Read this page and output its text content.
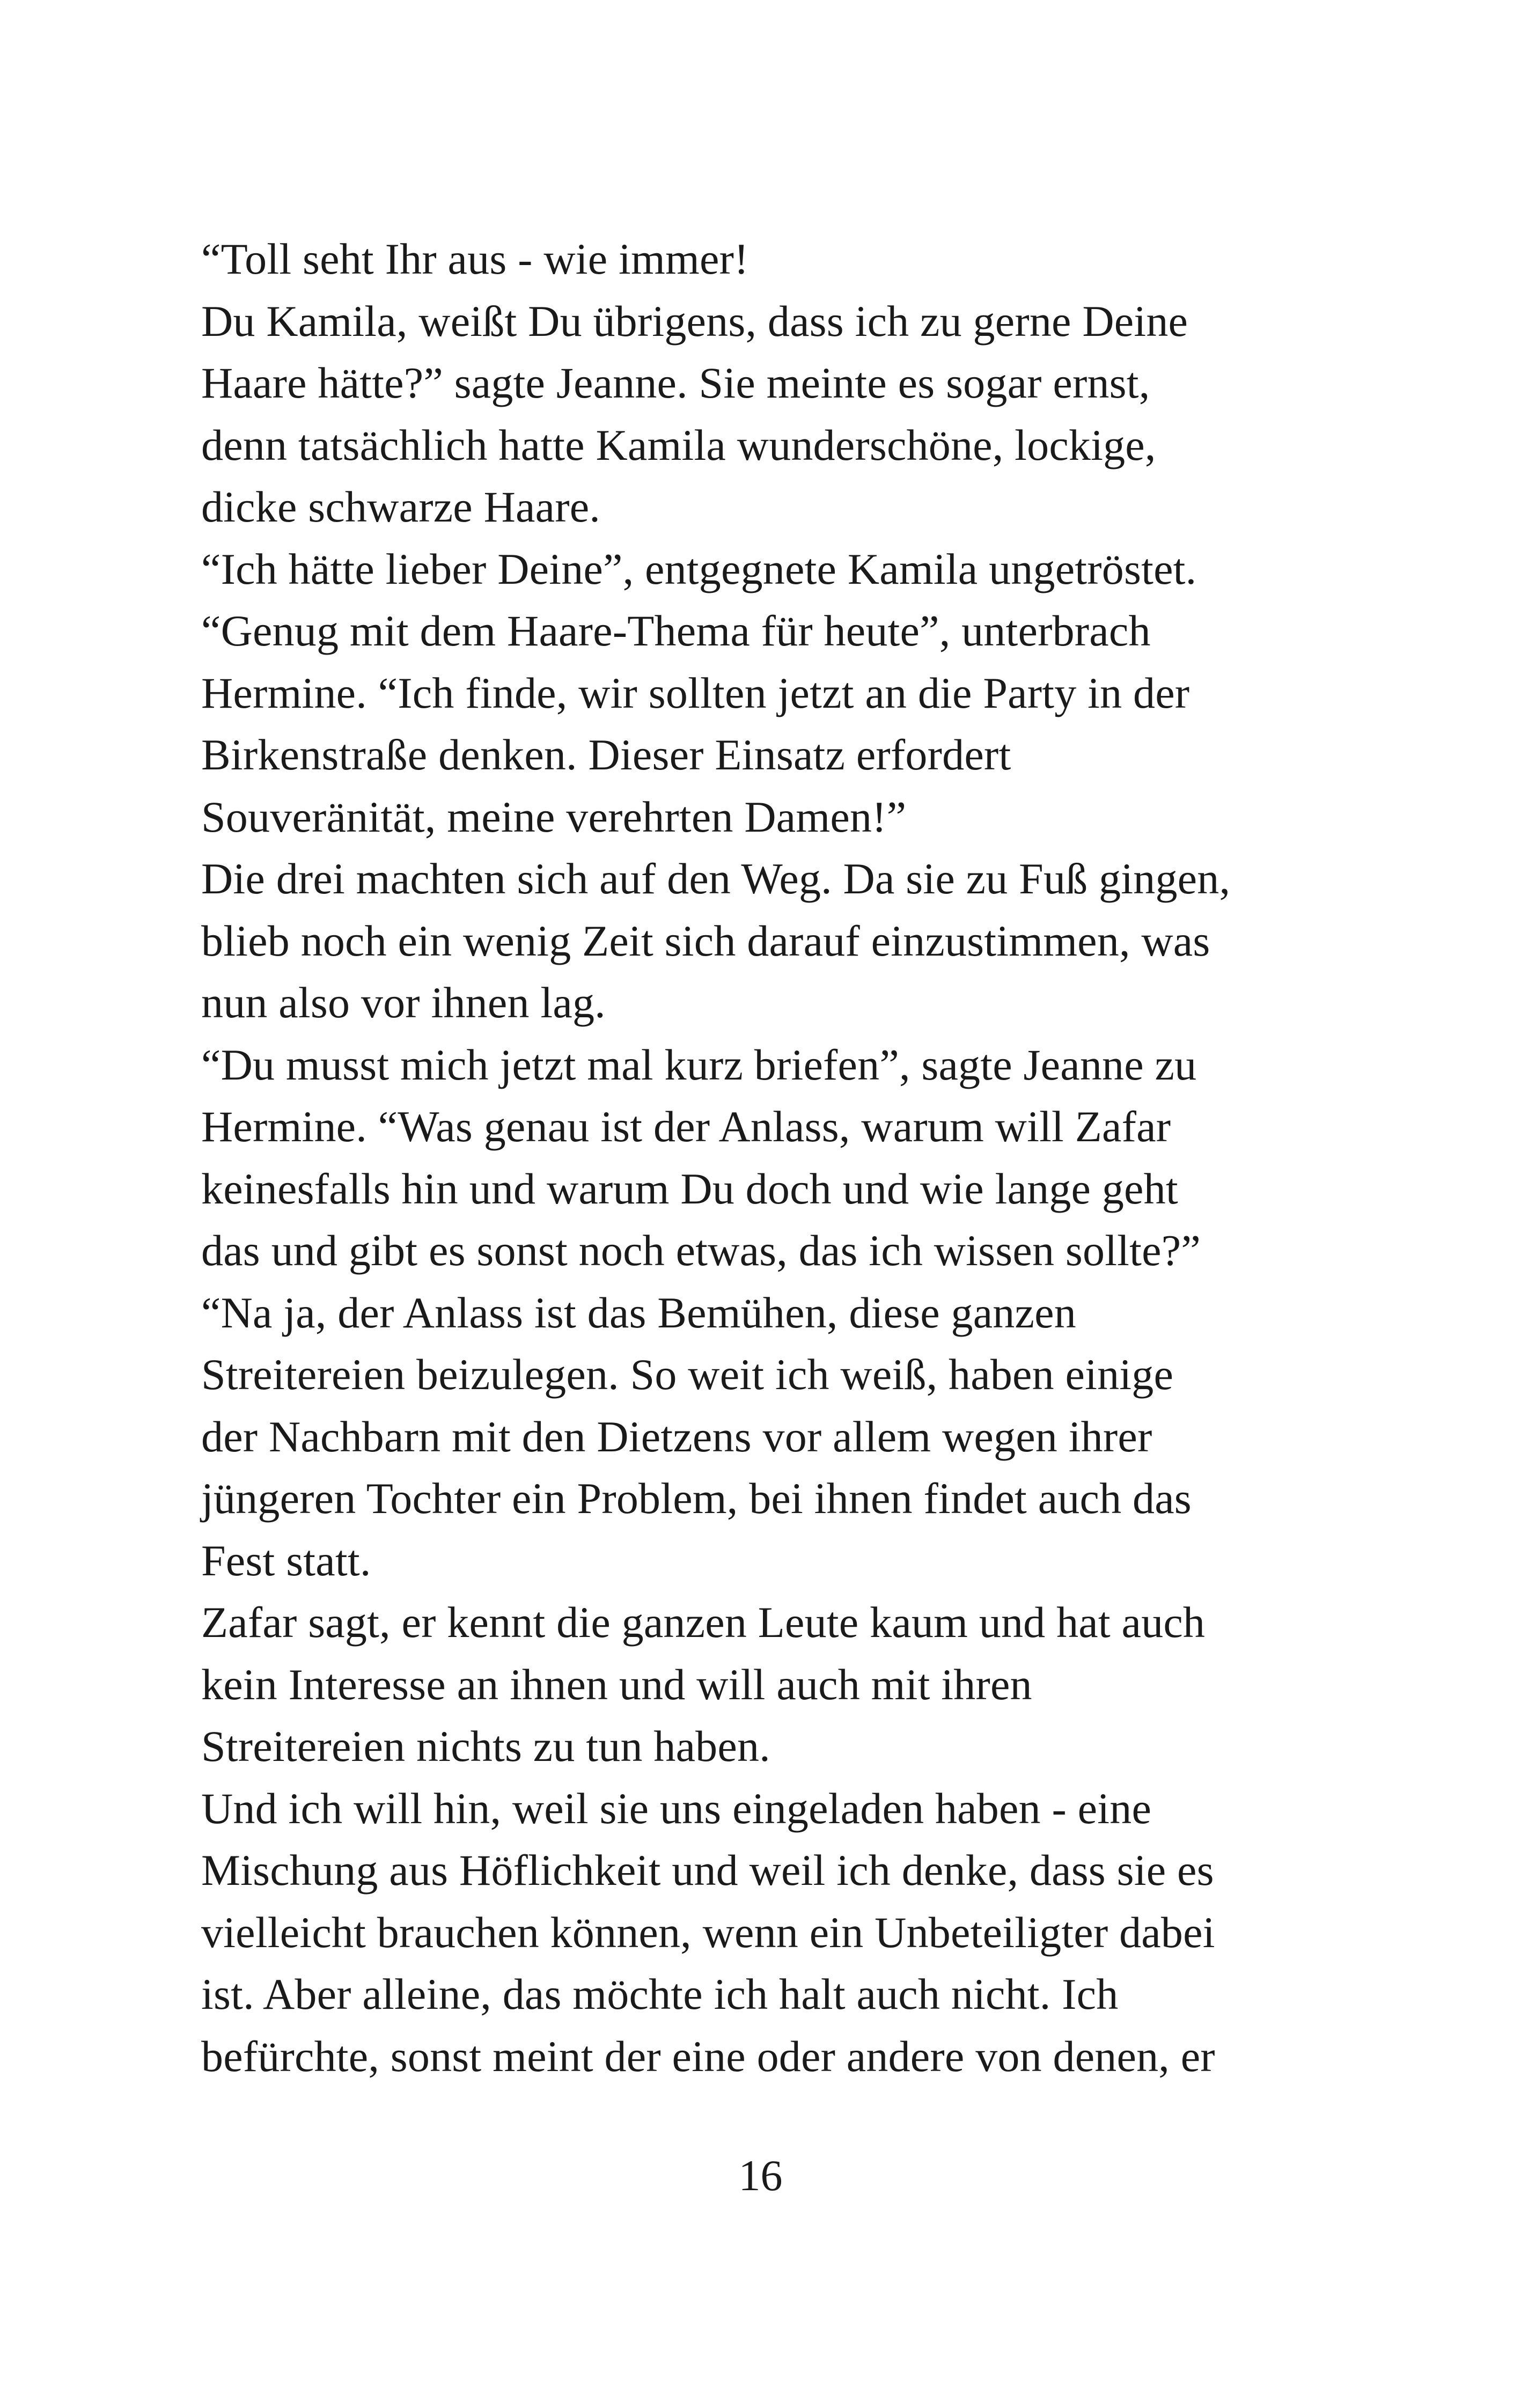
“Toll seht Ihr aus - wie immer!
Du Kamila, weißt Du übrigens, dass ich zu gerne Deine
Haare hätte?” sagte Jeanne. Sie meinte es sogar ernst,
denn tatsächlich hatte Kamila wunderschöne, lockige,
dicke schwarze Haare.
“Ich hätte lieber Deine”, entgegnete Kamila ungetröstet.
“Genug mit dem Haare-Thema für heute”, unterbrach
Hermine. “Ich finde, wir sollten jetzt an die Party in der
Birkenstraße denken. Dieser Einsatz erfordert
Souveränität, meine verehrten Damen!”
Die drei machten sich auf den Weg. Da sie zu Fuß gingen,
blieb noch ein wenig Zeit sich darauf einzustimmen, was
nun also vor ihnen lag.
“Du musst mich jetzt mal kurz briefen”, sagte Jeanne zu
Hermine. “Was genau ist der Anlass, warum will Zafar
keinesfalls hin und warum Du doch und wie lange geht
das und gibt es sonst noch etwas, das ich wissen sollte?”
“Na ja, der Anlass ist das Bemühen, diese ganzen
Streitereien beizulegen. So weit ich weiß, haben einige
der Nachbarn mit den Dietzens vor allem wegen ihrer
jüngeren Tochter ein Problem, bei ihnen findet auch das
Fest statt.
Zafar sagt, er kennt die ganzen Leute kaum und hat auch
kein Interesse an ihnen und will auch mit ihren
Streitereien nichts zu tun haben.
Und ich will hin, weil sie uns eingeladen haben - eine
Mischung aus Höflichkeit und weil ich denke, dass sie es
vielleicht brauchen können, wenn ein Unbeteiligter dabei
ist. Aber alleine, das möchte ich halt auch nicht. Ich
befürchte, sonst meint der eine oder andere von denen, er
16
